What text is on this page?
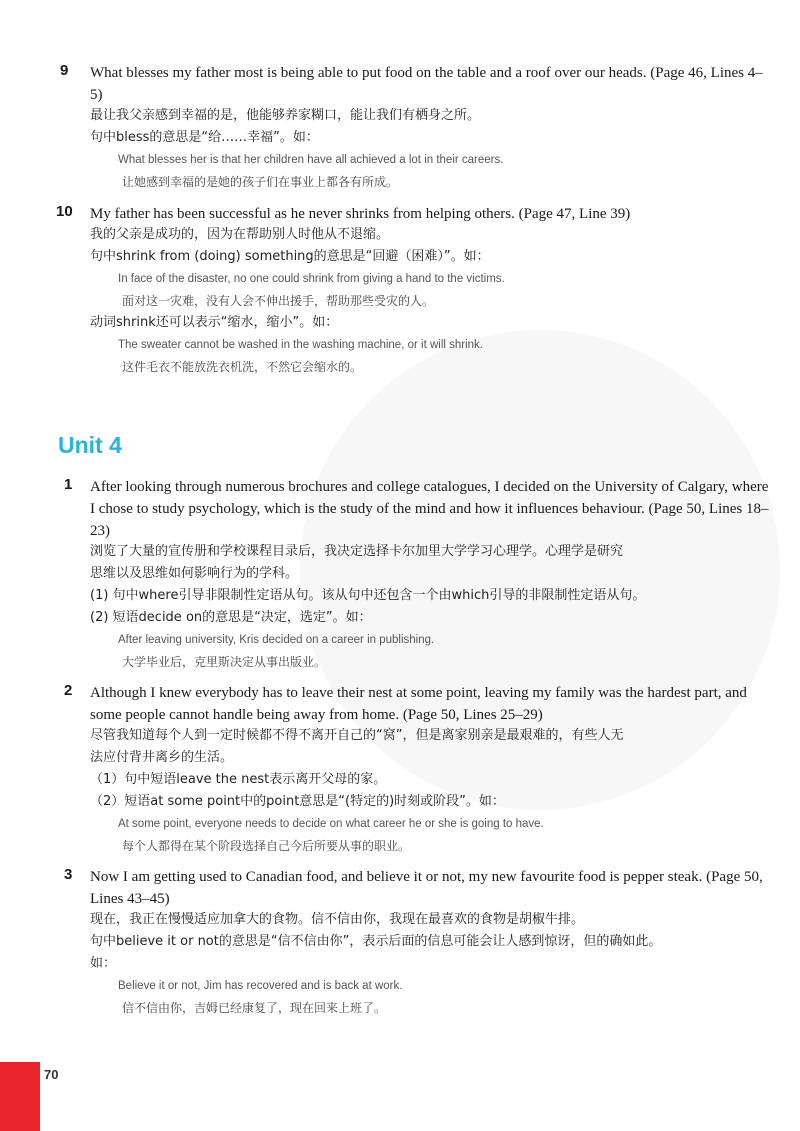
9	What blesses my father most is being able to put food on the table and a roof over our heads. (Page 46, Lines 4–5)
最让我父亲感到幸福的是，他能够养家糊口，能让我们有栖身之所。
句中bless的意思是“给……幸福”。如：
What blesses her is that her children have all achieved a lot in their careers.
让她感到幸福的是她的孩子们在事业上都各有所成。
10	My father has been successful as he never shrinks from helping others. (Page 47, Line 39)
我的父亲是成功的，因为在帮助别人时他从不退缩。
句中shrink from (doing) something的意思是“回避（困难）”。如：
In face of the disaster, no one could shrink from giving a hand to the victims.
面对这一灾难，没有人会不伸出援手，帮助那些受灾的人。
动词shrink还可以表示“缩水，缩小”。如：
The sweater cannot be washed in the washing machine, or it will shrink.
这件毛衣不能放洗衣机洗，不然它会缩水的。
Unit 4
1	After looking through numerous brochures and college catalogues, I decided on the University of Calgary, where I chose to study psychology, which is the study of the mind and how it influences behaviour. (Page 50, Lines 18–23)
浏览了大量的宣传册和学校课程目录后，我决定选择卡尔加里大学学习心理学。心理学是研究
思维以及思维如何影响行为的学科。
(1) 句中where引导非限制性定语从句。该从句中还包含一个由which引导的非限制性定语从句。
(2) 短语decide on的意思是“决定，选定”。如：
After leaving university, Kris decided on a career in publishing.
大学毕业后，克里斯决定从事出版业。
2	Although I knew everybody has to leave their nest at some point, leaving my family was the hardest part, and some people cannot handle being away from home. (Page 50, Lines 25–29)
尽管我知道每个人到一定时候都不得不离开自己的“窝”，但是离家别亲是最艰难的，有些人无
法应付背井离乡的生活。
（1）句中短语leave the nest表示离开父母的家。
（2）短语at some point中的point意思是“(特定的)时刻或阶段”。如：
At some point, everyone needs to decide on what career he or she is going to have.
每个人都得在某个阶段选择自己今后所要从事的职业。
3	Now I am getting used to Canadian food, and believe it or not, my new favourite food is pepper steak. (Page 50, Lines 43–45)
现在，我正在慢慢适应加拿大的食物。信不信由你，我现在最喜欢的食物是胡椒牛排。
句中believe it or not的意思是“信不信由你”，表示后面的信息可能会让人感到惊讶，但的确如此。
如：
Believe it or not, Jim has recovered and is back at work.
信不信由你，吉姆已经康复了，现在回来上班了。
70
